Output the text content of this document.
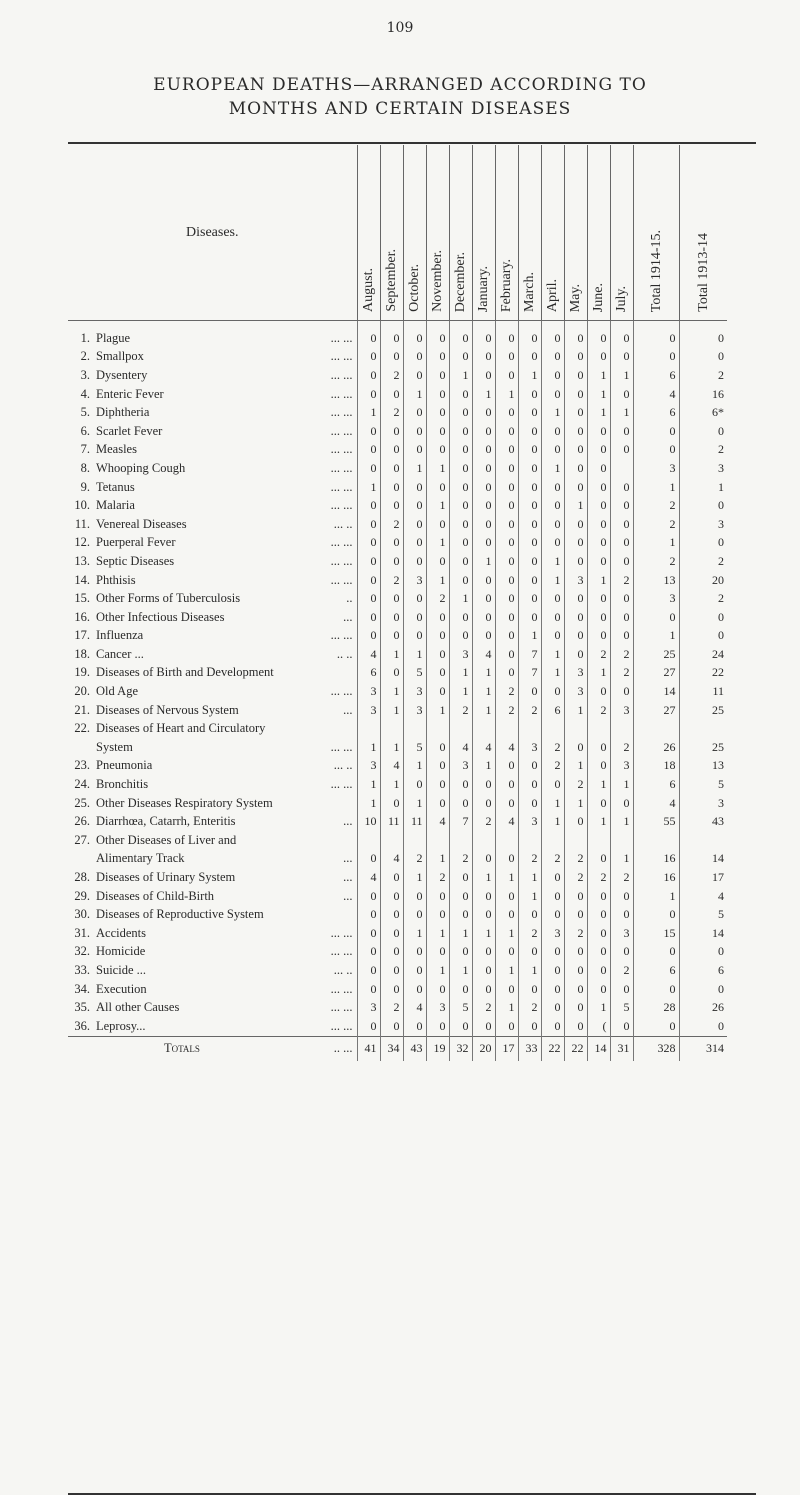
109
EUROPEAN DEATHS—ARRANGED ACCORDING TO
MONTHS AND CERTAIN DISEASES
Diseases.	August.	September.	October.	November.	December.	January.	February.	March.	April.	May.	June.	July.	Total 1914-15.	Total 1913-14

1. Plague ... ...	0	0	0	0	0	0	0	0	0	0	0	0	0	0
2. Smallpox ... ...	0	0	0	0	0	0	0	0	0	0	0	0	0	0
3. Dysentery ... ...	0	2	0	0	1	0	0	1	0	0	1	1	6	2
4. Enteric Fever ... ...	0	0	1	0	0	1	1	0	0	0	1	0	4	16
5. Diphtheria ... ...	1	2	0	0	0	0	0	0	1	0	1	1	6	6*
6. Scarlet Fever ... ...	0	0	0	0	0	0	0	0	0	0	0	0	0	0
7. Measles ... ...	0	0	0	0	0	0	0	0	0	0	0	0	0	2
8. Whooping Cough ... ...	0	0	1	1	0	0	0	0	1	0	0		3	3
9. Tetanus ... ...	1	0	0	0	0	0	0	0	0	0	0	0	1	1
10. Malaria ... ...	0	0	0	1	0	0	0	0	0	1	0	0	2	0
11. Venereal Diseases ... ..	0	2	0	0	0	0	0	0	0	0	0	0	2	3
12. Puerperal Fever ... ...	0	0	0	1	0	0	0	0	0	0	0	0	1	0
13. Septic Diseases ... ...	0	0	0	0	0	1	0	0	1	0	0	0	2	2
14. Phthisis ... ...	0	2	3	1	0	0	0	0	1	3	1	2	13	20
15. Other Forms of Tuberculosis ..	0	0	0	2	1	0	0	0	0	0	0	0	3	2
16. Other Infectious Diseases ...	0	0	0	0	0	0	0	0	0	0	0	0	0	0
17. Influenza ... ...	0	0	0	0	0	0	0	1	0	0	0	0	1	0
18. Cancer ... .. ..	4	1	1	0	3	4	0	7	1	0	2	2	25	24
19. Diseases of Birth and Development	6	0	5	0	1	1	0	7	1	3	1	2	27	22
20. Old Age ... ...	3	1	3	0	1	1	2	0	0	3	0	0	14	11
21. Diseases of Nervous System ...	3	1	3	1	2	1	2	2	6	1	2	3	27	25
22. Diseases of Heart and Circulatory

System ... ...	1	1	5	0	4	4	4	3	2	0	0	2	26	25
23. Pneumonia ... ..	3	4	1	0	3	1	0	0	2	1	0	3	18	13
24. Bronchitis ... ...	1	1	0	0	0	0	0	0	0	2	1	1	6	5
25. Other Diseases Respiratory System	1	0	1	0	0	0	0	0	1	1	0	0	4	3
26. Diarrhœa, Catarrh, Enteritis ...	10	11	11	4	7	2	4	3	1	0	1	1	55	43
27. Other Diseases of Liver and

Alimentary Track ...	0	4	2	1	2	0	0	2	2	2	0	1	16	14
28. Diseases of Urinary System ...	4	0	1	2	0	1	1	1	0	2	2	2	16	17
29. Diseases of Child-Birth ...	0	0	0	0	0	0	0	1	0	0	0	0	1	4
30. Diseases of Reproductive System	0	0	0	0	0	0	0	0	0	0	0	0	0	5
31. Accidents ... ...	0	0	1	1	1	1	1	2	3	2	0	3	15	14
32. Homicide ... ...	0	0	0	0	0	0	0	0	0	0	0	0	0	0
33. Suicide ... ... ..	0	0	0	1	1	0	1	1	0	0	0	2	6	6
34. Execution ... ...	0	0	0	0	0	0	0	0	0	0	0	0	0	0
35. All other Causes ... ...	3	2	4	3	5	2	1	2	0	0	1	5	28	26
36. Leprosy... ... ...	0	0	0	0	0	0	0	0	0	0	(	0	0	0
Totals .. ...	41	34	43	19	32	20	17	33	22	22	14	31	328	314
